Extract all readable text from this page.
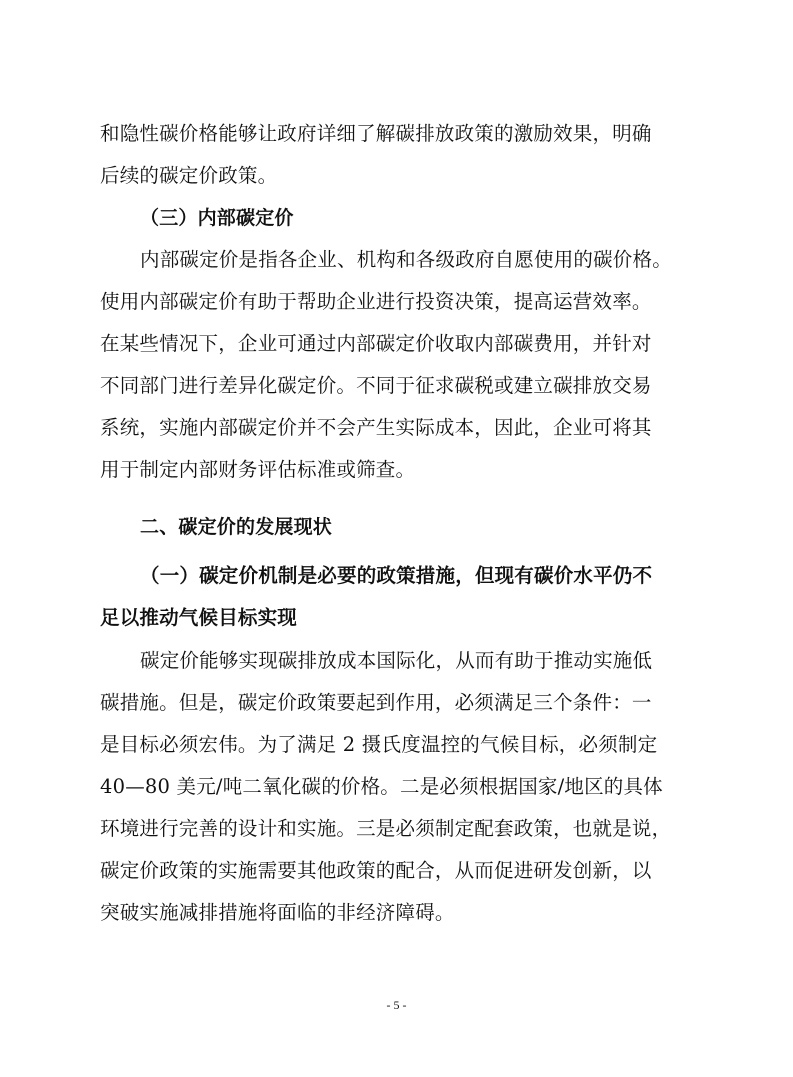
和隐性碳价格能够让政府详细了解碳排放政策的激励效果，明确
后续的碳定价政策。
（三）内部碳定价
内部碳定价是指各企业、机构和各级政府自愿使用的碳价格。
使用内部碳定价有助于帮助企业进行投资决策，提高运营效率。
在某些情况下，企业可通过内部碳定价收取内部碳费用，并针对
不同部门进行差异化碳定价。不同于征求碳税或建立碳排放交易
系统，实施内部碳定价并不会产生实际成本，因此，企业可将其
用于制定内部财务评估标准或筛查。
二、碳定价的发展现状
（一）碳定价机制是必要的政策措施，但现有碳价水平仍不
足以推动气候目标实现
碳定价能够实现碳排放成本国际化，从而有助于推动实施低
碳措施。但是，碳定价政策要起到作用，必须满足三个条件：一
是目标必须宏伟。为了满足 2 摄氏度温控的气候目标，必须制定
40—80 美元/吨二氧化碳的价格。二是必须根据国家/地区的具体
环境进行完善的设计和实施。三是必须制定配套政策，也就是说，
碳定价政策的实施需要其他政策的配合，从而促进研发创新，以
突破实施减排措施将面临的非经济障碍。
- 5 -
